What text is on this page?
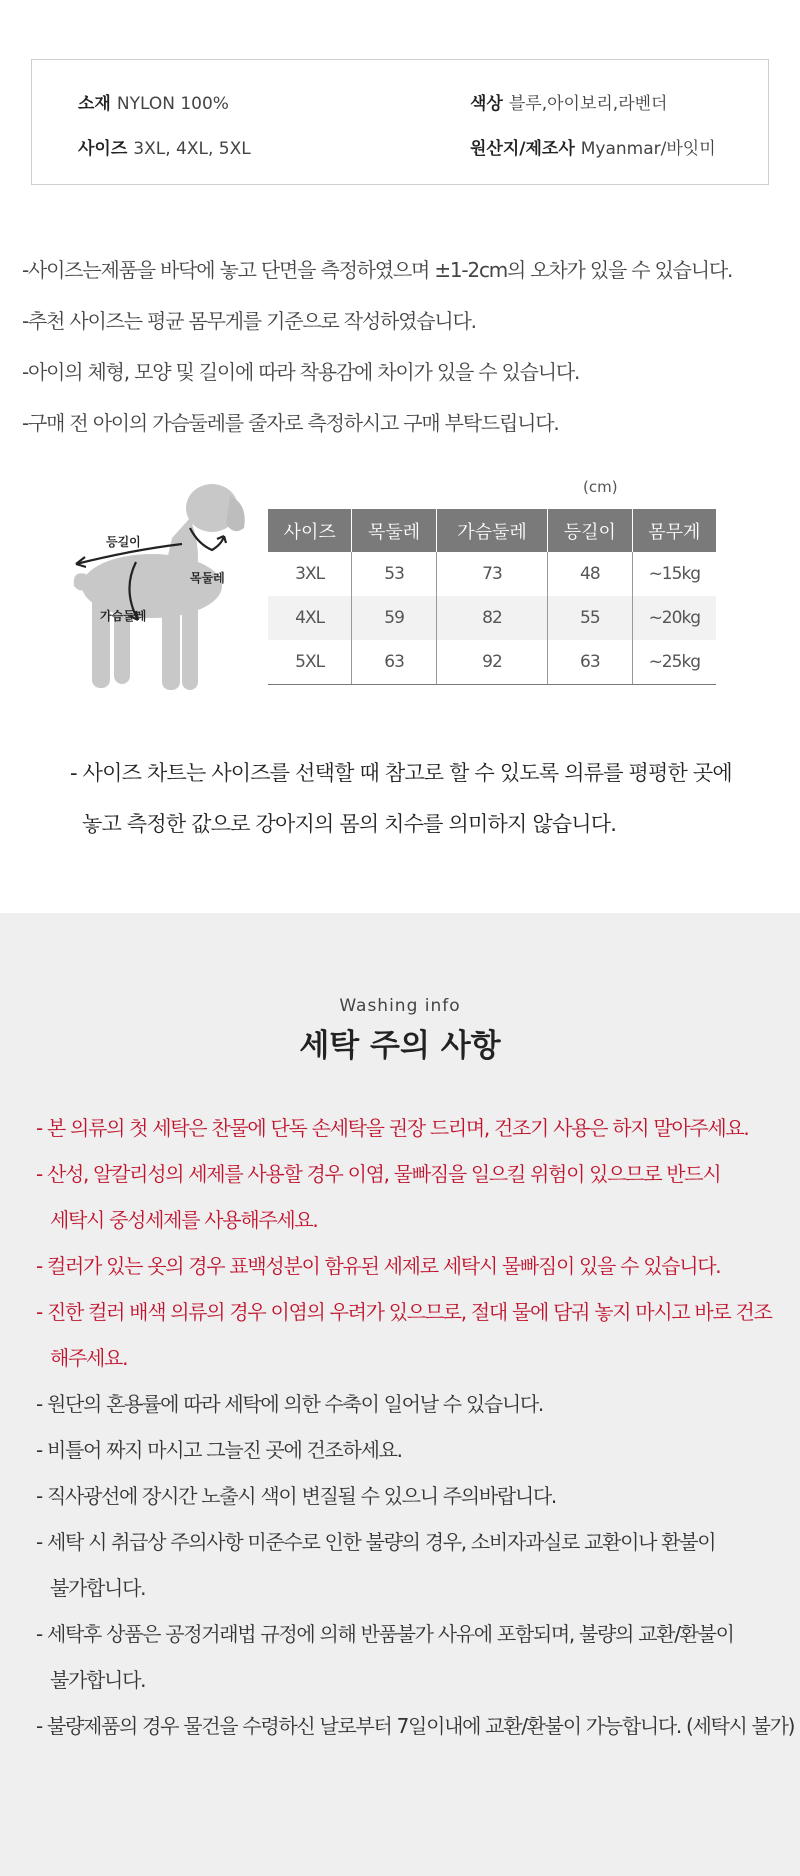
소재 NYLON 100%	색상 블루,아이보리,라벤더
사이즈 3XL, 4XL, 5XL	원산지/제조사 Myanmar/바잇미
-사이즈는제품을 바닥에 놓고 단면을 측정하였으며 ±1-2cm의 오차가 있을 수 있습니다.
-추천 사이즈는 평균 몸무게를 기준으로 작성하였습니다.
-아이의 체형, 모양 및 길이에 따라 착용감에 차이가 있을 수 있습니다.
-구매 전 아이의 가슴둘레를 줄자로 측정하시고 구매 부탁드립니다.
등길이
목둘레
가슴둘레
(cm)
사이즈	목둘레	가슴둘레	등길이	몸무게
3XL	53	73	48	~15kg
4XL	59	82	55	~20kg
5XL	63	92	63	~25kg
- 사이즈 차트는 사이즈를 선택할 때 참고로 할 수 있도록 의류를 평평한 곳에
놓고 측정한 값으로 강아지의 몸의 치수를 의미하지 않습니다.
Washing info
세탁 주의 사항
- 본 의류의 첫 세탁은 찬물에 단독 손세탁을 권장 드리며, 건조기 사용은 하지 말아주세요.
- 산성, 알칼리성의 세제를 사용할 경우 이염, 물빠짐을 일으킬 위험이 있으므로 반드시
세탁시 중성세제를 사용해주세요.
- 컬러가 있는 옷의 경우 표백성분이 함유된 세제로 세탁시 물빠짐이 있을 수 있습니다.
- 진한 컬러 배색 의류의 경우 이염의 우려가 있으므로, 절대 물에 담궈 놓지 마시고 바로 건조
해주세요.
- 원단의 혼용률에 따라 세탁에 의한 수축이 일어날 수 있습니다.
- 비틀어 짜지 마시고 그늘진 곳에 건조하세요.
- 직사광선에 장시간 노출시 색이 변질될 수 있으니 주의바랍니다.
- 세탁 시 취급상 주의사항 미준수로 인한 불량의 경우, 소비자과실로 교환이나 환불이
불가합니다.
- 세탁후 상품은 공정거래법 규정에 의해 반품불가 사유에 포함되며, 불량의 교환/환불이
불가합니다.
- 불량제품의 경우 물건을 수령하신 날로부터 7일이내에 교환/환불이 가능합니다. (세탁시 불가)
